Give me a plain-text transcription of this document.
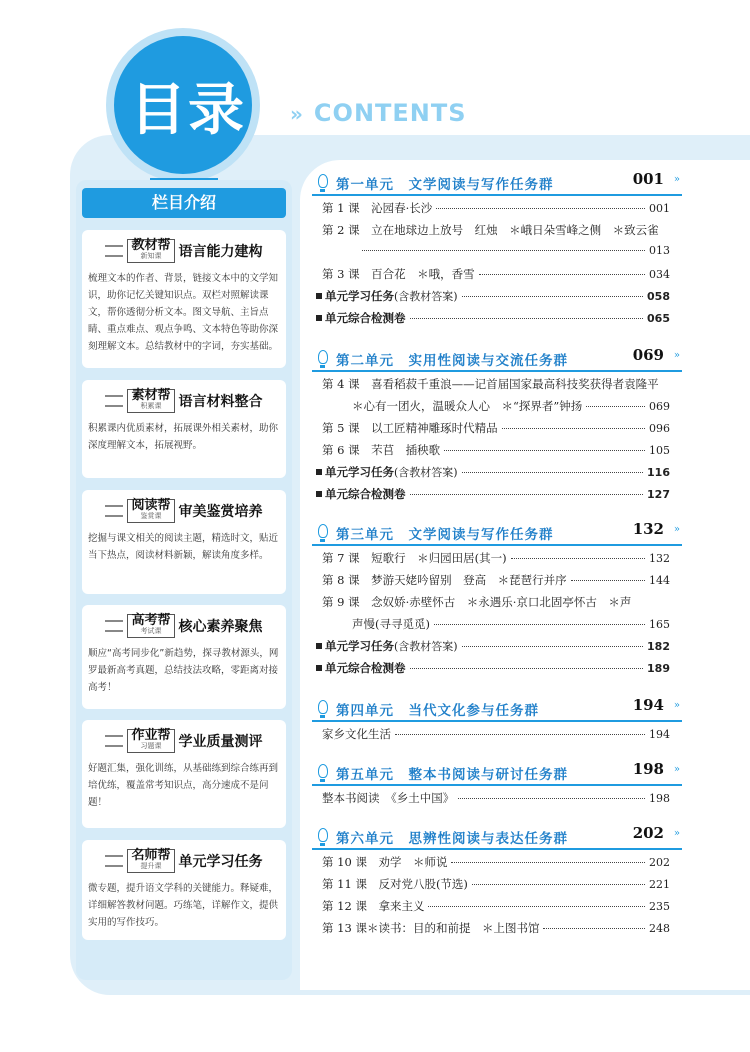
目录	» CONTENTS
栏目介绍
教材帮
新知课	语言能力建构
梳理文本的作者、背景，链接文本中的文学知识，助你记忆关键知识点。双栏对照解读课文，帮你透彻分析文本。图文导航、主旨点睛、重点难点、观点争鸣、文本特色等助你深刻理解文本。总结教材中的字词，夯实基础。
素材帮
积累课	语言材料整合
积累课内优质素材，拓展课外相关素材，助你深度理解文本，拓展视野。
阅读帮
鉴赏课	审美鉴赏培养
挖掘与课文相关的阅读主题，精选时文，贴近当下热点，阅读材料新颖，解读角度多样。
高考帮
考试课	核心素养聚焦
顺应“高考同步化”新趋势，探寻教材源头，网罗最新高考真题，总结技法攻略，零距离对接高考！
作业帮
习题课	学业质量测评
好题汇集，强化训练，从基础练到综合练再到培优练，覆盖常考知识点，高分速成不是问题！
名师帮
提升课	单元学习任务
微专题，提升语文学科的关键能力。释疑难，详细解答教材问题。巧练笔，详解作文，提供实用的写作技巧。
第一单元　文学阅读与写作任务群	001 »
第 1 课　沁园春·长沙	001
第 2 课　立在地球边上放号　红烛　＊峨日朵雪峰之侧　＊致云雀
013
第 3 课　百合花　＊哦，香雪	034
单元学习任务 (含教材答案)	058
单元综合检测卷	065
第二单元　实用性阅读与交流任务群	069 »
第 4 课　喜看稻菽千重浪——记首届国家最高科技奖获得者袁隆平
＊心有一团火，温暖众人心　＊“探界者”钟扬	069
第 5 课　以工匠精神雕琢时代精品	096
第 6 课　芣苢　插秧歌	105
单元学习任务 (含教材答案)	116
单元综合检测卷	127
第三单元　文学阅读与写作任务群	132 »
第 7 课　短歌行　＊归园田居(其一)	132
第 8 课　梦游天姥吟留别　登高　＊琵琶行并序	144
第 9 课　念奴娇·赤壁怀古　＊永遇乐·京口北固亭怀古　＊声
声慢(寻寻觅觅)	165
单元学习任务 (含教材答案)	182
单元综合检测卷	189
第四单元　当代文化参与任务群	194 »
家乡文化生活	194
第五单元　整本书阅读与研讨任务群	198 »
整本书阅读　《乡土中国》	198
第六单元　思辨性阅读与表达任务群	202 »
第 10 课　劝学　＊师说	202
第 11 课　反对党八股(节选)	221
第 12 课　拿来主义	235
第 13 课＊读书：目的和前提　＊上图书馆	248
